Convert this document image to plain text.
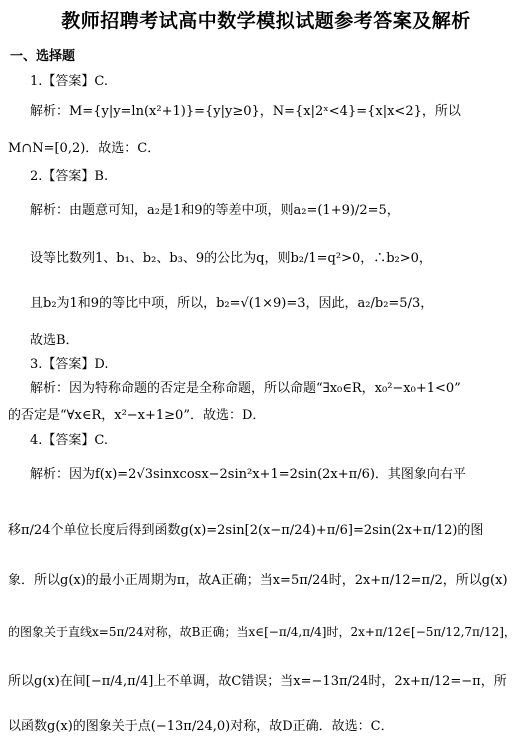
教师招聘考试高中数学模拟试题参考答案及解析
一、选择题
1.【答案】C.
解析：M={y|y=ln(x²+1)}={y|y≥0}，N={x|2ˣ<4}={x|x<2}，所以
M∩N=[0,2)．故选：C．
2.【答案】B.
解析：由题意可知，a₂是1和9的等差中项，则a₂=(1+9)/2=5，
设等比数列1、b₁、b₂、b₃、9的公比为q，则b₂/1=q²>0，∴b₂>0，
且b₂为1和9的等比中项，所以，b₂=√(1×9)=3，因此，a₂/b₂=5/3，
故选B．
3.【答案】D.
解析：因为特称命题的否定是全称命题，所以命题“∃x₀∈R，x₀²−x₀+1<0”
的否定是“∀x∈R，x²−x+1≥0”．故选：D．
4.【答案】C.
解析：因为f(x)=2√3sinxcosx−2sin²x+1=2sin(2x+π/6)．其图象向右平
移π/24个单位长度后得到函数g(x)=2sin[2(x−π/24)+π/6]=2sin(2x+π/12)的图
象．所以g(x)的最小正周期为π，故A正确；当x=5π/24时，2x+π/12=π/2，所以g(x)
的图象关于直线x=5π/24对称，故B正确；当x∈[−π/4,π/4]时，2x+π/12∈[−5π/12,7π/12]，
所以g(x)在间[−π/4,π/4]上不单调，故C错误；当x=−13π/24时，2x+π/12=−π，所
以函数g(x)的图象关于点(−13π/24,0)对称，故D正确．故选：C．
